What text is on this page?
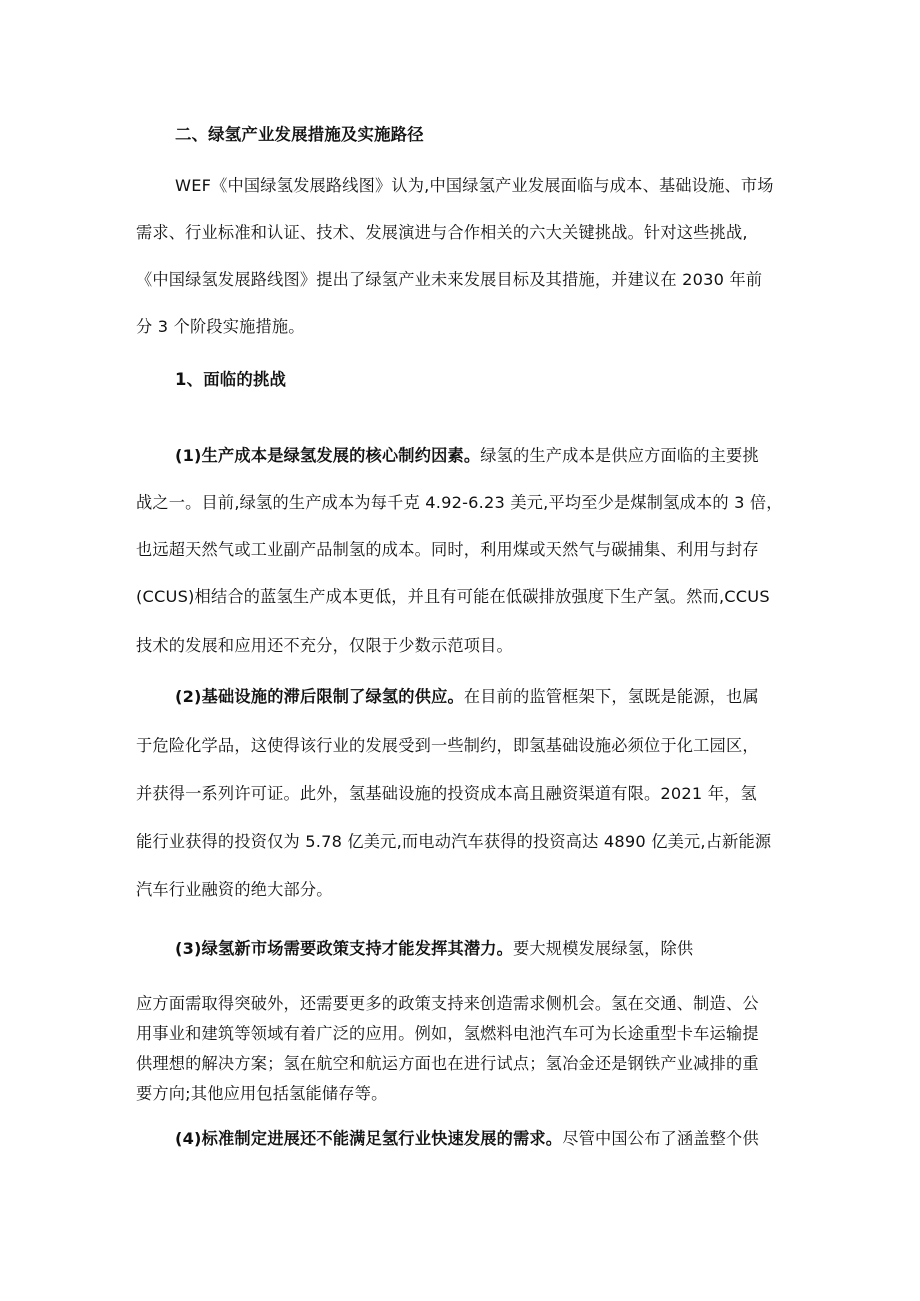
二、绿氢产业发展措施及实施路径
WEF《中国绿氢发展路线图》认为,中国绿氢产业发展面临与成本、基础设施、市场
需求、行业标准和认证、技术、发展演进与合作相关的六大关键挑战。针对这些挑战,
《中国绿氢发展路线图》提出了绿氢产业未来发展目标及其措施，并建议在 2030 年前
分 3 个阶段实施措施。
1、面临的挑战
(1)生产成本是绿氢发展的核心制约因素。绿氢的生产成本是供应方面临的主要挑
战之一。目前,绿氢的生产成本为每千克 4.92-6.23 美元,平均至少是煤制氢成本的 3 倍，
也远超天然气或工业副产品制氢的成本。同时，利用煤或天然气与碳捕集、利用与封存
(CCUS)相结合的蓝氢生产成本更低，并且有可能在低碳排放强度下生产氢。然而,CCUS
技术的发展和应用还不充分，仅限于少数示范项目。
(2)基础设施的滞后限制了绿氢的供应。在目前的监管框架下，氢既是能源，也属
于危险化学品，这使得该行业的发展受到一些制约，即氢基础设施必须位于化工园区，
并获得一系列许可证。此外，氢基础设施的投资成本高且融资渠道有限。2021 年，氢
能行业获得的投资仅为 5.78 亿美元,而电动汽车获得的投资高达 4890 亿美元,占新能源
汽车行业融资的绝大部分。
(3)绿氢新市场需要政策支持才能发挥其潜力。要大规模发展绿氢，除供
应方面需取得突破外，还需要更多的政策支持来创造需求侧机会。氢在交通、制造、公
用事业和建筑等领域有着广泛的应用。例如，氢燃料电池汽车可为长途重型卡车运输提
供理想的解决方案；氢在航空和航运方面也在进行试点；氢冶金还是钢铁产业减排的重
要方向;其他应用包括氢能储存等。
(4)标准制定进展还不能满足氢行业快速发展的需求。尽管中国公布了涵盖整个供
